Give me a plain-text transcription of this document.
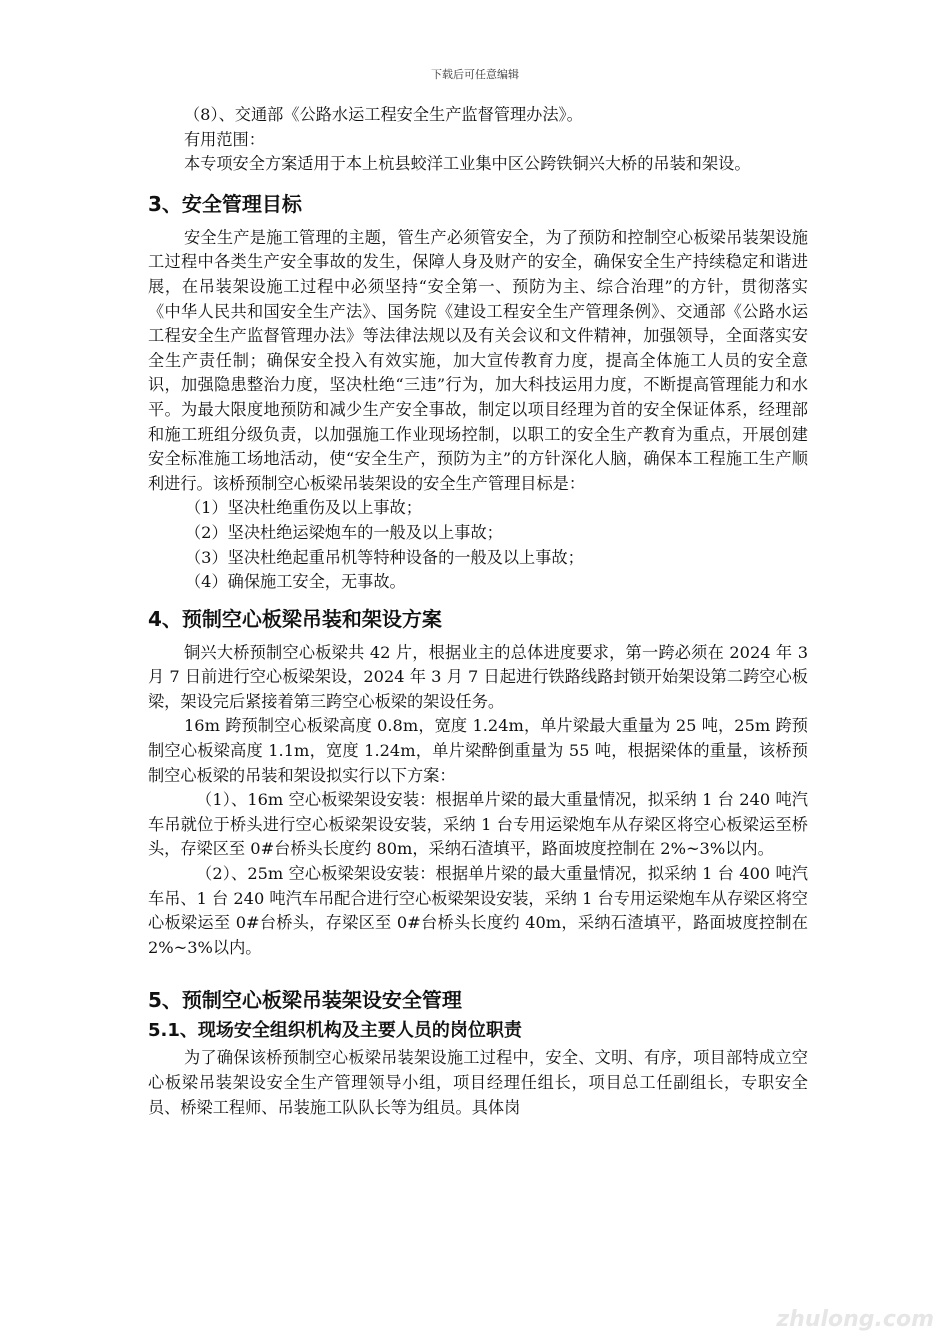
下载后可任意编辑

（8）、交通部《公路水运工程安全生产监督管理办法》。

有用范围：

本专项安全方案适用于本上杭县蛟洋工业集中区公跨铁铜兴大桥的吊装和架设。

3、安全管理目标

安全生产是施工管理的主题，管生产必须管安全，为了预防和控制空心板梁吊装架设施工过程中各类生产安全事故的发生，保障人身及财产的安全，确保安全生产持续稳定和谐进展，在吊装架设施工过程中必须坚持“安全第一、预防为主、综合治理”的方针，贯彻落实《中华人民共和国安全生产法》、国务院《建设工程安全生产管理条例》、交通部《公路水运工程安全生产监督管理办法》等法律法规以及有关会议和文件精神，加强领导，全面落实安全生产责任制；确保安全投入有效实施，加大宣传教育力度，提高全体施工人员的安全意识，加强隐患整治力度，坚决杜绝“三违”行为，加大科技运用力度，不断提高管理能力和水平。为最大限度地预防和减少生产安全事故，制定以项目经理为首的安全保证体系，经理部和施工班组分级负责，以加强施工作业现场控制，以职工的安全生产教育为重点，开展创建安全标准施工场地活动，使“安全生产，预防为主”的方针深化人脑，确保本工程施工生产顺利进行。该桥预制空心板梁吊装架设的安全生产管理目标是：

（1）坚决杜绝重伤及以上事故；

（2）坚决杜绝运梁炮车的一般及以上事故；

（3）坚决杜绝起重吊机等特种设备的一般及以上事故；

（4）确保施工安全，无事故。

4、预制空心板梁吊装和架设方案

铜兴大桥预制空心板梁共 42 片，根据业主的总体进度要求，第一跨必须在 2024 年 3 月 7 日前进行空心板梁架设，2024 年 3 月 7 日起进行铁路线路封锁开始架设第二跨空心板梁，架设完后紧接着第三跨空心板梁的架设任务。

16m 跨预制空心板梁高度 0.8m，宽度 1.24m，单片梁最大重量为 25 吨，25m 跨预制空心板梁高度 1.1m，宽度 1.24m，单片梁酔倒重量为 55 吨，根据梁体的重量，该桥预制空心板梁的吊装和架设拟实行以下方案：

（1）、16m 空心板梁架设安装：根据单片梁的最大重量情况，拟采纳 1 台 240 吨汽车吊就位于桥头进行空心板梁架设安装，采纳 1 台专用运梁炮车从存梁区将空心板梁运至桥头，存梁区至 0#台桥头长度约 80m，采纳石渣填平，路面坡度控制在 2%~3%以内。

（2）、25m 空心板梁架设安装：根据单片梁的最大重量情况，拟采纳 1 台 400 吨汽车吊、1 台 240 吨汽车吊配合进行空心板梁架设安装，采纳 1 台专用运梁炮车从存梁区将空心板梁运至 0#台桥头，存梁区至 0#台桥头长度约 40m，采纳石渣填平，路面坡度控制在 2%~3%以内。

5、预制空心板梁吊装架设安全管理
5.1、现场安全组织机构及主要人员的岗位职责

为了确保该桥预制空心板梁吊装架设施工过程中，安全、文明、有序，项目部特成立空心板梁吊装架设安全生产管理领导小组，项目经理任组长，项目总工任副组长，专职安全员、桥梁工程师、吊装施工队队长等为组员。具体岗

zhulong.com
